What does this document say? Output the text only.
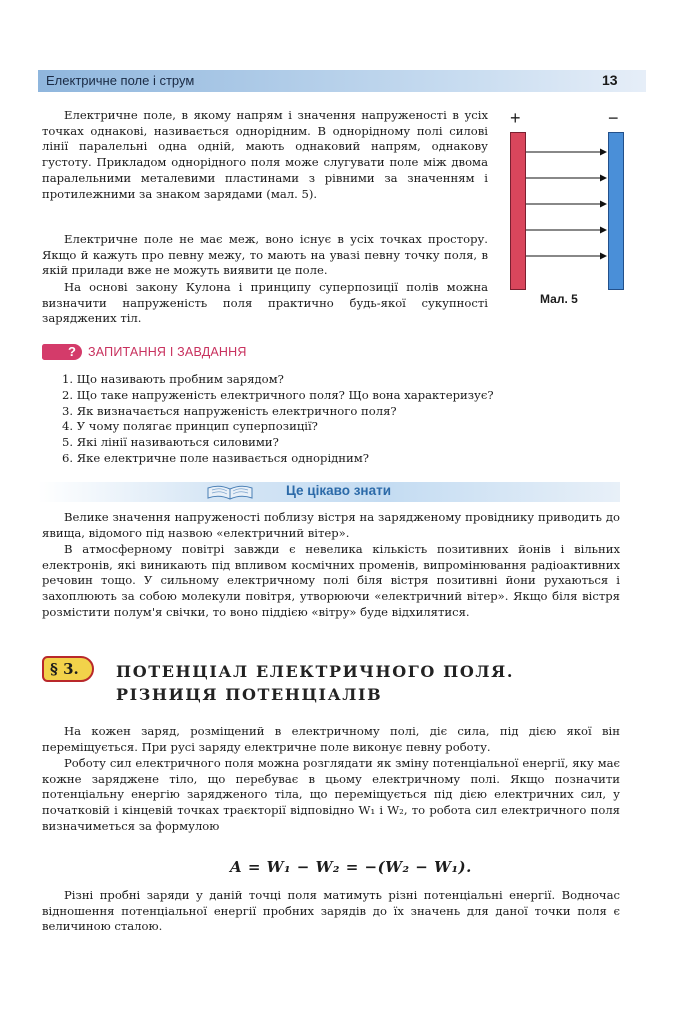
Електричне поле і струм	13

Електричне поле, в якому напрям і значення напруженості в усіх точках однакові, називається однорідним. В однорідному полі силові лінії паралельні одна одній, мають однаковий напрям, однакову густоту. Прикладом однорідного поля може слугувати поле між двома паралельними металевими пластинами з рівними за значенням і протилежними за знаком зарядами (мал. 5).

Електричне поле не має меж, воно існує в усіх точках простору. Якщо й кажуть про певну межу, то мають на увазі певну точку поля, в якій прилади вже не можуть виявити це поле.

На основі закону Кулона і принципу суперпозиції полів можна визначити напруженість поля практично будь-якої сукупності заряджених тіл.

+	−
Мал. 5
? ЗАПИТАННЯ І ЗАВДАННЯ
1. Що називають пробним зарядом?
2. Що таке напруженість електричного поля? Що вона характеризує?
3. Як визначається напруженість електричного поля?
4. У чому полягає принцип суперпозиції?
5. Які лінії називаються силовими?
6. Яке електричне поле називається однорідним?
Це цікаво знати

Велике значення напруженості поблизу вістря на зарядженому провіднику приводить до явища, відомого під назвою «електричний вітер».

В атмосферному повітрі завжди є невелика кількість позитивних йонів і вільних електронів, які виникають під впливом космічних променів, випромінювання радіоактивних речовин тощо. У сильному електричному полі біля вістря позитивні йони рухаються і захоплюють за собою молекули повітря, утворюючи «електричний вітер». Якщо біля вістря розмістити полум'я свічки, то воно піддією «вітру» буде відхилятися.

§ 3.	ПОТЕНЦІАЛ ЕЛЕКТРИЧНОГО ПОЛЯ.
РІЗНИЦЯ ПОТЕНЦІАЛІВ

На кожен заряд, розміщений в електричному полі, діє сила, під дією якої він переміщується. При русі заряду електричне поле виконує певну роботу.

Роботу сил електричного поля можна розглядати як зміну потенціальної енергії, яку має кожне заряджене тіло, що перебуває в цьому електричному полі. Якщо позначити потенціальну енергію зарядженого тіла, що переміщується під дією електричних сил, у початковій і кінцевій точках траєкторії відповідно W₁ і W₂, то робота сил електричного поля визначиметься за формулою

A = W₁ − W₂ = −(W₂ − W₁).

Різні пробні заряди у даній точці поля матимуть різні потенціальні енергії. Водночас відношення потенціальної енергії пробних зарядів до їх значень для даної точки поля є величиною сталою.
